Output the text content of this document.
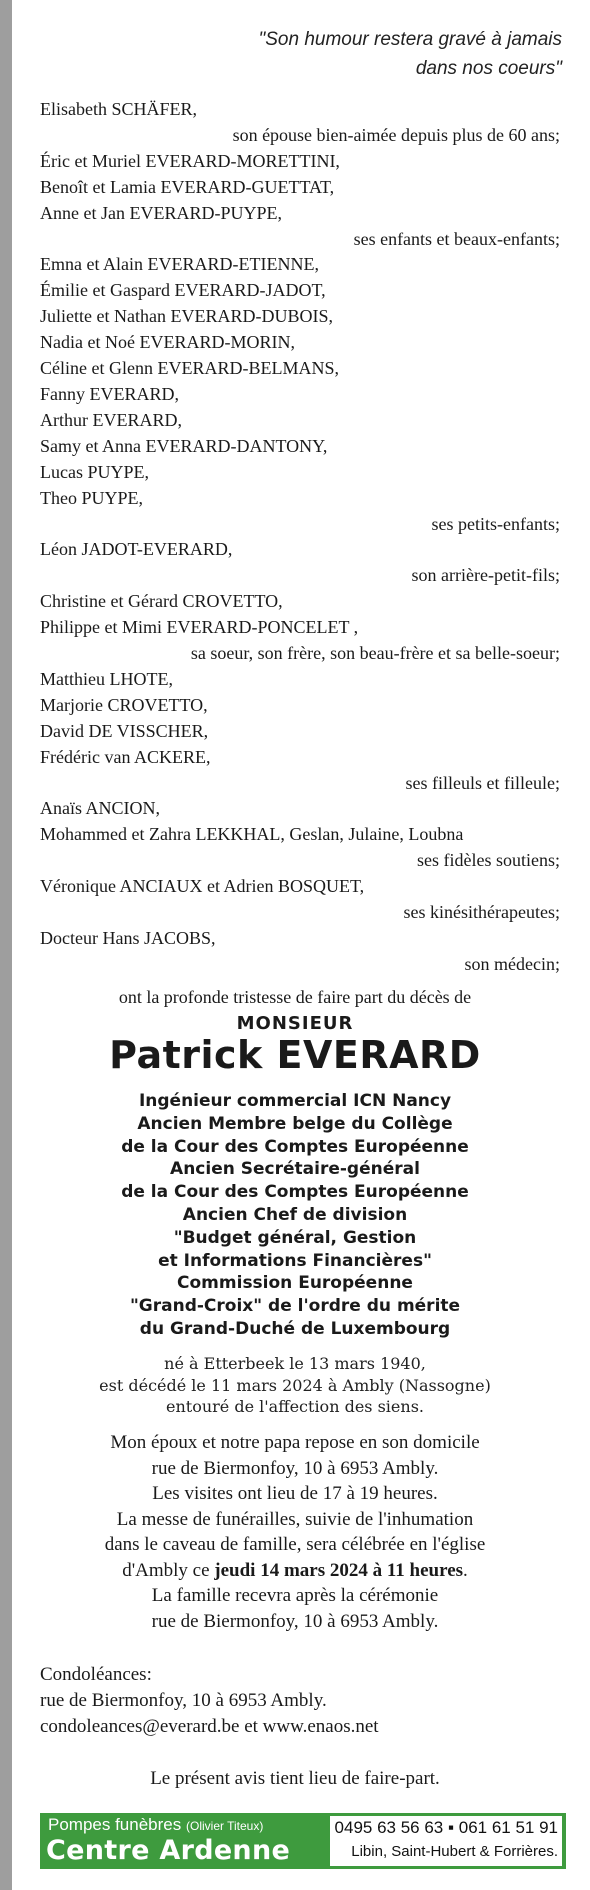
"Son humour restera gravé à jamais
dans nos coeurs"
Elisabeth SCHÄFER,
son épouse bien-aimée depuis plus de 60 ans;
Éric et Muriel EVERARD-MORETTINI,
Benoît et Lamia EVERARD-GUETTAT,
Anne et Jan EVERARD-PUYPE,
ses enfants et beaux-enfants;
Emna et Alain EVERARD-ETIENNE,
Émilie et Gaspard EVERARD-JADOT,
Juliette et Nathan EVERARD-DUBOIS,
Nadia et Noé EVERARD-MORIN,
Céline et Glenn EVERARD-BELMANS,
Fanny EVERARD,
Arthur EVERARD,
Samy et Anna EVERARD-DANTONY,
Lucas PUYPE,
Theo PUYPE,
ses petits-enfants;
Léon JADOT-EVERARD,
son arrière-petit-fils;
Christine et Gérard CROVETTO,
Philippe et Mimi EVERARD-PONCELET ,
sa soeur, son frère, son beau-frère et sa belle-soeur;
Matthieu LHOTE,
Marjorie CROVETTO,
David DE VISSCHER,
Frédéric van ACKERE,
ses filleuls et filleule;
Anaïs ANCION,
Mohammed et Zahra LEKKHAL, Geslan, Julaine, Loubna
ses fidèles soutiens;
Véronique ANCIAUX et Adrien BOSQUET,
ses kinésithérapeutes;
Docteur Hans JACOBS,
son médecin;
ont la profonde tristesse de faire part du décès de
MONSIEUR
Patrick EVERARD
Ingénieur commercial ICN Nancy
Ancien Membre belge du Collège
de la Cour des Comptes Européenne
Ancien Secrétaire-général
de la Cour des Comptes Européenne
Ancien Chef de division
"Budget général, Gestion
et Informations Financières"
Commission Européenne
"Grand-Croix" de l'ordre du mérite
du Grand-Duché de Luxembourg
né à Etterbeek le 13 mars 1940,
est décédé le 11 mars 2024 à Ambly (Nassogne)
entouré de l'affection des siens.
Mon époux et notre papa repose en son domicile
rue de Biermonfoy, 10 à 6953 Ambly.
Les visites ont lieu de 17 à 19 heures.
La messe de funérailles, suivie de l'inhumation
dans le caveau de famille, sera célébrée en l'église
d'Ambly ce jeudi 14 mars 2024 à 11 heures.
La famille recevra après la cérémonie
rue de Biermonfoy, 10 à 6953 Ambly.
Condoléances:
rue de Biermonfoy, 10 à 6953 Ambly.
condoleances@everard.be et www.enaos.net
Le présent avis tient lieu de faire-part.
Pompes funèbres (Olivier Titeux)
Centre Ardenne
0495 63 56 63 ▪ 061 61 51 91
Libin, Saint-Hubert & Forrières.
